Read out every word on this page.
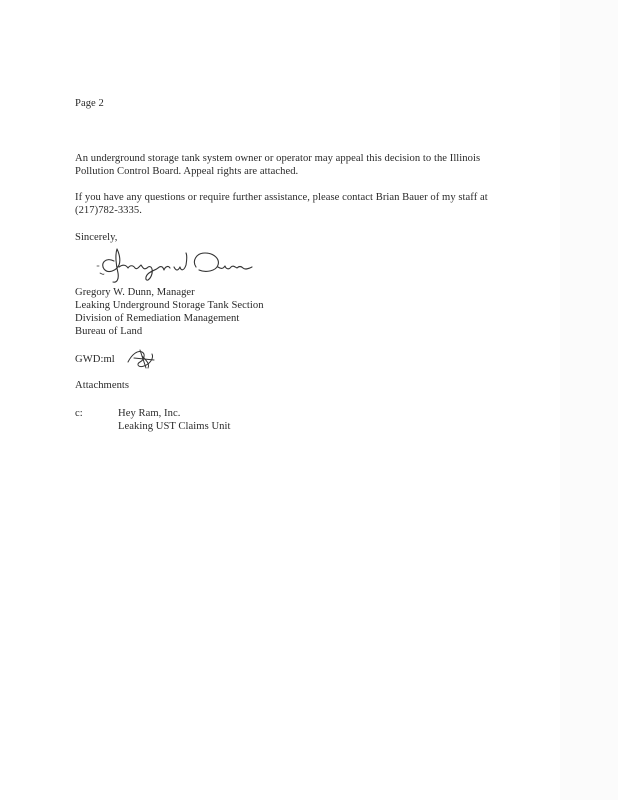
Page 2
An underground storage tank system owner or operator may appeal this decision to the Illinois
Pollution Control Board. Appeal rights are attached.
If you have any questions or require further assistance, please contact Brian Bauer of my staff at
(217)782-3335.
Sincerely,
Gregory W. Dunn, Manager
Leaking Underground Storage Tank Section
Division of Remediation Management
Bureau of Land
GWD:ml
Attachments
c:	Hey Ram, Inc.
Leaking UST Claims Unit
